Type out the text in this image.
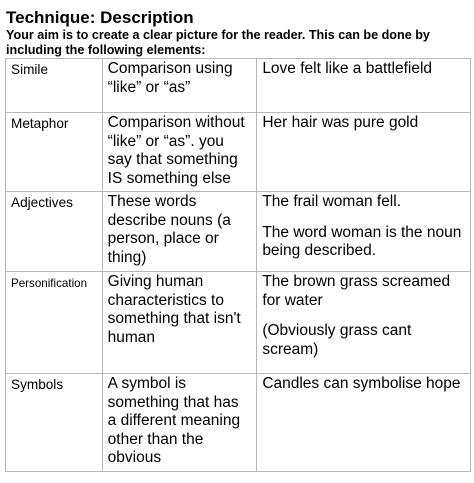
Technique: Description
Your aim is to create a clear picture for the reader. This can be done by including the following elements:
Simile	Comparison using “like” or “as”	Love felt like a battlefield

Metaphor	Comparison without “like” or “as”. you say that something IS something else	Her hair was pure gold

Adjectives	These words describe nouns (a person, place or thing)	The frail woman fell.
The word woman is the noun being described.

Personification	Giving human characteristics to something that isn't human	The brown grass screamed for water
(Obviously grass cant scream)

Symbols	A symbol is something that has a different meaning other than the obvious	Candles can symbolise hope
